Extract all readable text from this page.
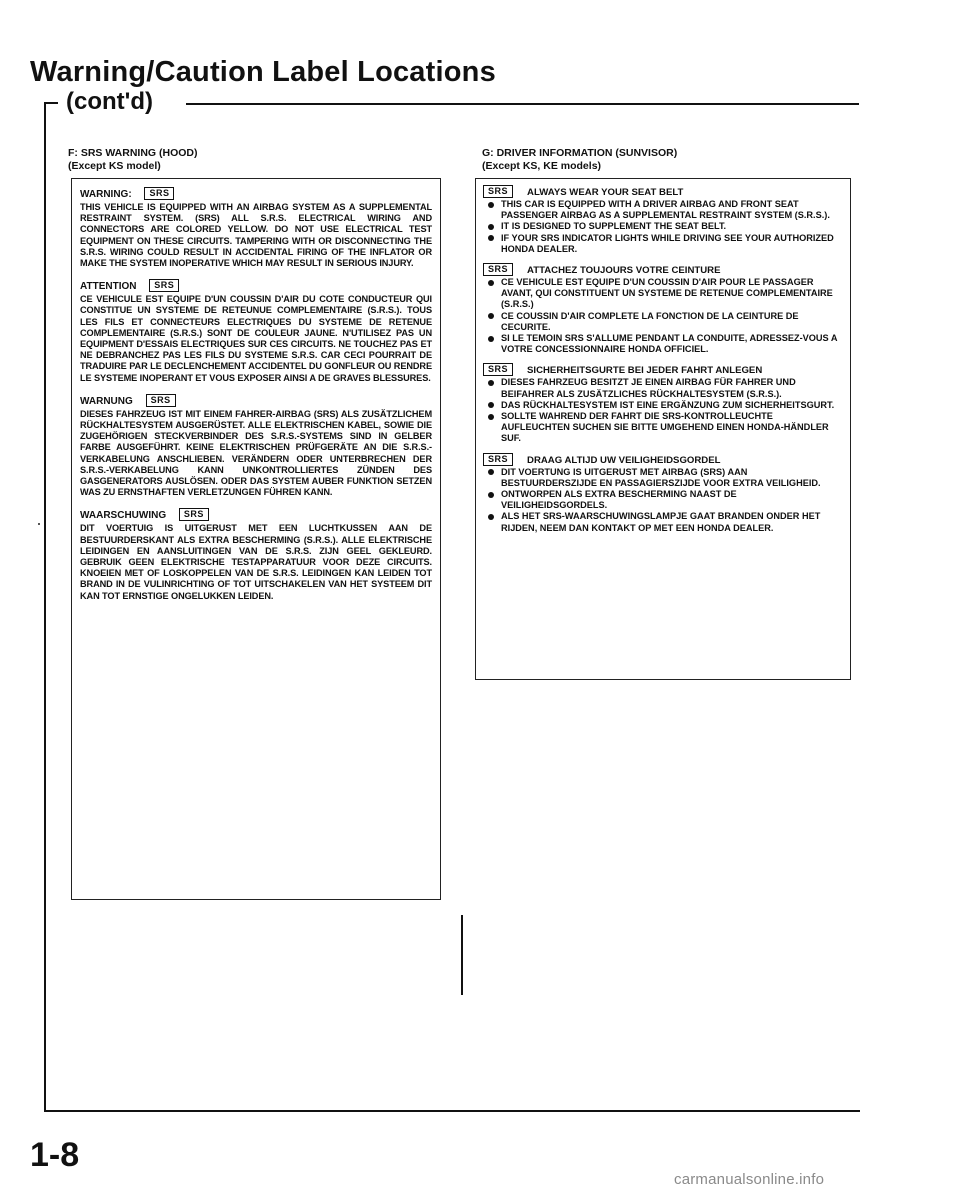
Warning/Caution Label Locations
(cont'd)
F: SRS WARNING (HOOD)
(Except KS model)
WARNING: SRS
THIS VEHICLE IS EQUIPPED WITH AN AIRBAG SYSTEM AS A SUPPLEMENTAL RESTRAINT SYSTEM. (SRS) ALL S.R.S. ELECTRICAL WIRING AND CONNECTORS ARE COLORED YELLOW. DO NOT USE ELECTRICAL TEST EQUIPMENT ON THESE CIRCUITS. TAMPERING WITH OR DISCONNECTING THE S.R.S. WIRING COULD RESULT IN ACCIDENTAL FIRING OF THE INFLATOR OR MAKE THE SYSTEM INOPERATIVE WHICH MAY RESULT IN SERIOUS INJURY.
ATTENTION SRS
CE VEHICULE EST EQUIPE D'UN COUSSIN D'AIR DU COTE CONDUCTEUR QUI CONSTITUE UN SYSTEME DE RETEUNUE COMPLEMENTAIRE (S.R.S.). TOUS LES FILS ET CONNECTEURS ELECTRIQUES DU SYSTEME DE RETENUE COMPLEMENTAIRE (S.R.S.) SONT DE COULEUR JAUNE. N'UTILISEZ PAS UN EQUIPMENT D'ESSAIS ELECTRIQUES SUR CES CIRCUITS. NE TOUCHEZ PAS ET NE DEBRANCHEZ PAS LES FILS DU SYSTEME S.R.S. CAR CECI POURRAIT DE TRADUIRE PAR LE DECLENCHEMENT ACCIDENTEL DU GONFLEUR OU RENDRE LE SYSTEME INOPERANT ET VOUS EXPOSER AINSI A DE GRAVES BLESSURES.
WARNUNG SRS
DIESES FAHRZEUG IST MIT EINEM FAHRER-AIRBAG (SRS) ALS ZUSÄTZLICHEM RÜCKHALTESYSTEM AUSGERÜSTET. ALLE ELEKTRISCHEN KABEL, SOWIE DIE ZUGEHÖRIGEN STECKVERBINDER DES S.R.S.-SYSTEMS SIND IN GELBER FARBE AUSGEFÜHRT. KEINE ELEKTRISCHEN PRÜFGERÄTE AN DIE S.R.S.-VERKABELUNG ANSCHLIEBEN. VERÄNDERN ODER UNTERBRECHEN DER S.R.S.-VERKABELUNG KANN UNKONTROLLIERTES ZÜNDEN DES GASGENERATORS AUSLÖSEN. ODER DAS SYSTEM AUBER FUNKTION SETZEN WAS ZU ERNSTHAFTEN VERLETZUNGEN FÜHREN KANN.
WAARSCHUWING SRS
DIT VOERTUIG IS UITGERUST MET EEN LUCHTKUSSEN AAN DE BESTUURDERSKANT ALS EXTRA BESCHERMING (S.R.S.). ALLE ELEKTRISCHE LEIDINGEN EN AANSLUITINGEN VAN DE S.R.S. ZIJN GEEL GEKLEURD. GEBRUIK GEEN ELEKTRISCHE TESTAPPARATUUR VOOR DEZE CIRCUITS. KNOEIEN MET OF LOSKOPPELEN VAN DE S.R.S. LEIDINGEN KAN LEIDEN TOT BRAND IN DE VULINRICHTING OF TOT UITSCHAKELEN VAN HET SYSTEEM DIT KAN TOT ERNSTIGE ONGELUKKEN LEIDEN.
G: DRIVER INFORMATION (SUNVISOR)
(Except KS, KE models)
SRS ALWAYS WEAR YOUR SEAT BELT
THIS CAR IS EQUIPPED WITH A DRIVER AIRBAG AND FRONT SEAT PASSENGER AIRBAG AS A SUPPLEMENTAL RESTRAINT SYSTEM (S.R.S.).
IT IS DESIGNED TO SUPPLEMENT THE SEAT BELT.
IF YOUR SRS INDICATOR LIGHTS WHILE DRIVING SEE YOUR AUTHORIZED HONDA DEALER.
SRS ATTACHEZ TOUJOURS VOTRE CEINTURE
CE VEHICULE EST EQUIPE D'UN COUSSIN D'AIR POUR LE PASSAGER AVANT, QUI CONSTITUENT UN SYSTEME DE RETENUE COMPLEMENTAIRE (S.R.S.)
CE COUSSIN D'AIR COMPLETE LA FONCTION DE LA CEINTURE DE CECURITE.
SI LE TEMOIN SRS S'ALLUME PENDANT LA CONDUITE, ADRESSEZ-VOUS A VOTRE CONCESSIONNAIRE HONDA OFFICIEL.
SRS SICHERHEITSGURTE BEI JEDER FAHRT ANLEGEN
DIESES FAHRZEUG BESITZT JE EINEN AIRBAG FÜR FAHRER UND BEIFAHRER ALS ZUSÄTZLICHES RÜCKHALTESYSTEM (S.R.S.).
DAS RÜCKHALTESYSTEM IST EINE ERGÄNZUNG ZUM SICHERHEITSGURT.
SOLLTE WAHREND DER FAHRT DIE SRS-KONTROLLEUCHTE AUFLEUCHTEN SUCHEN SIE BITTE UMGEHEND EINEN HONDA-HÄNDLER SUF.
SRS DRAAG ALTIJD UW VEILIGHEIDSGORDEL
DIT VOERTUNG IS UITGERUST MET AIRBAG (SRS) AAN BESTUURDERSZIJDE EN PASSAGIERSZIJDE VOOR EXTRA VEILIGHEID.
ONTWORPEN ALS EXTRA BESCHERMING NAAST DE VEILIGHEIDSGORDELS.
ALS HET SRS-WAARSCHUWINGSLAMPJE GAAT BRANDEN ONDER HET RIJDEN, NEEM DAN KONTAKT OP MET EEN HONDA DEALER.
1-8
carmanualsonline.info
